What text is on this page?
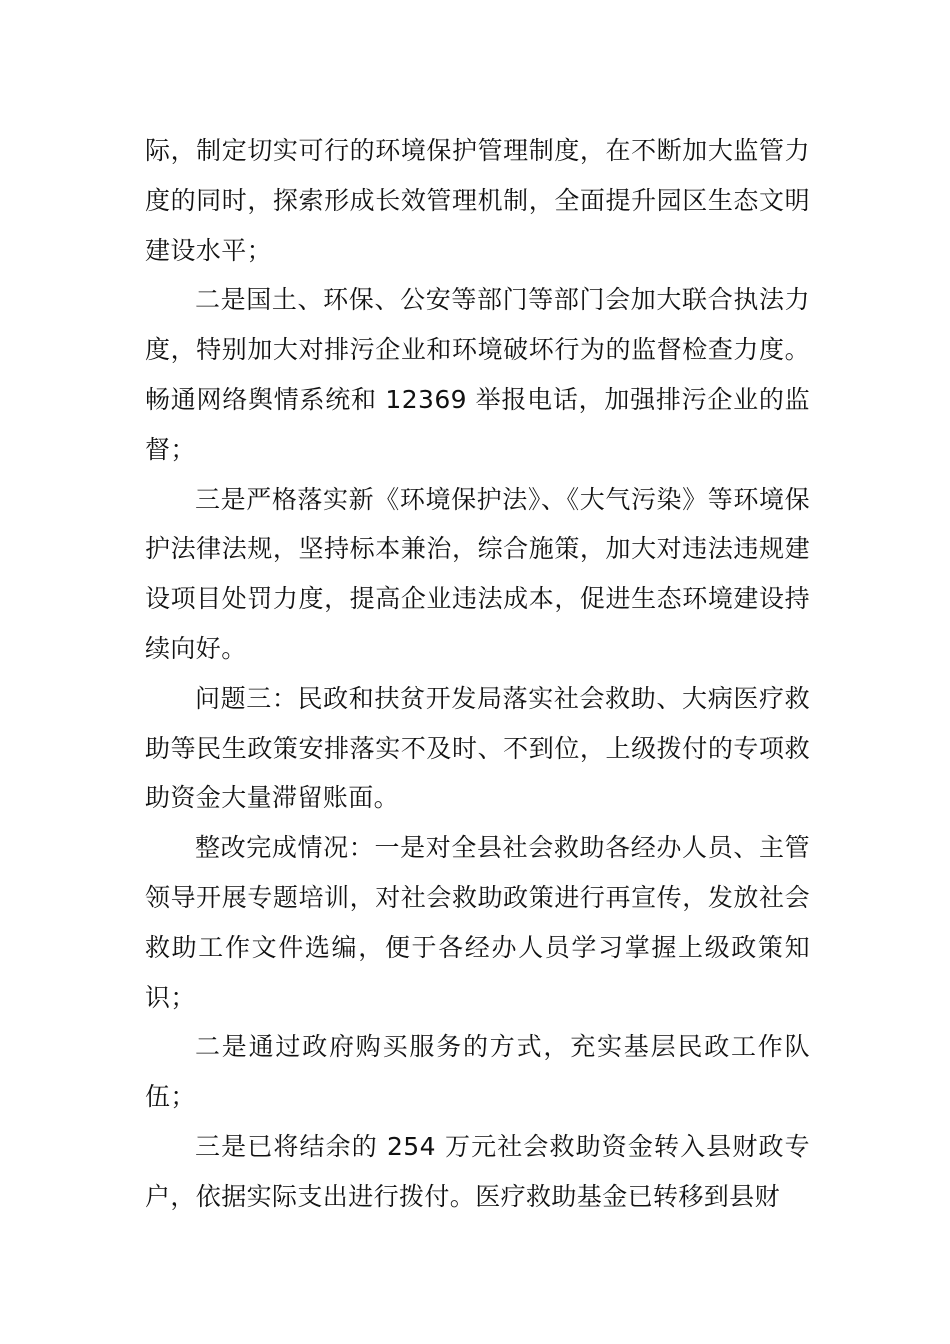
际，制定切实可行的环境保护管理制度，在不断加大监管力度的同时，探索形成长效管理机制，全面提升园区生态文明建设水平；

二是国土、环保、公安等部门等部门会加大联合执法力度，特别加大对排污企业和环境破坏行为的监督检查力度。畅通网络舆情系统和 12369 举报电话，加强排污企业的监督；

三是严格落实新《环境保护法》、《大气污染》等环境保护法律法规，坚持标本兼治，综合施策，加大对违法违规建设项目处罚力度，提高企业违法成本，促进生态环境建设持续向好。

问题三：民政和扶贫开发局落实社会救助、大病医疗救助等民生政策安排落实不及时、不到位，上级拨付的专项救助资金大量滞留账面。

整改完成情况：一是对全县社会救助各经办人员、主管领导开展专题培训，对社会救助政策进行再宣传，发放社会救助工作文件选编，便于各经办人员学习掌握上级政策知识；

二是通过政府购买服务的方式，充实基层民政工作队伍；

三是已将结余的 254 万元社会救助资金转入县财政专户，依据实际支出进行拨付。医疗救助基金已转移到县财
